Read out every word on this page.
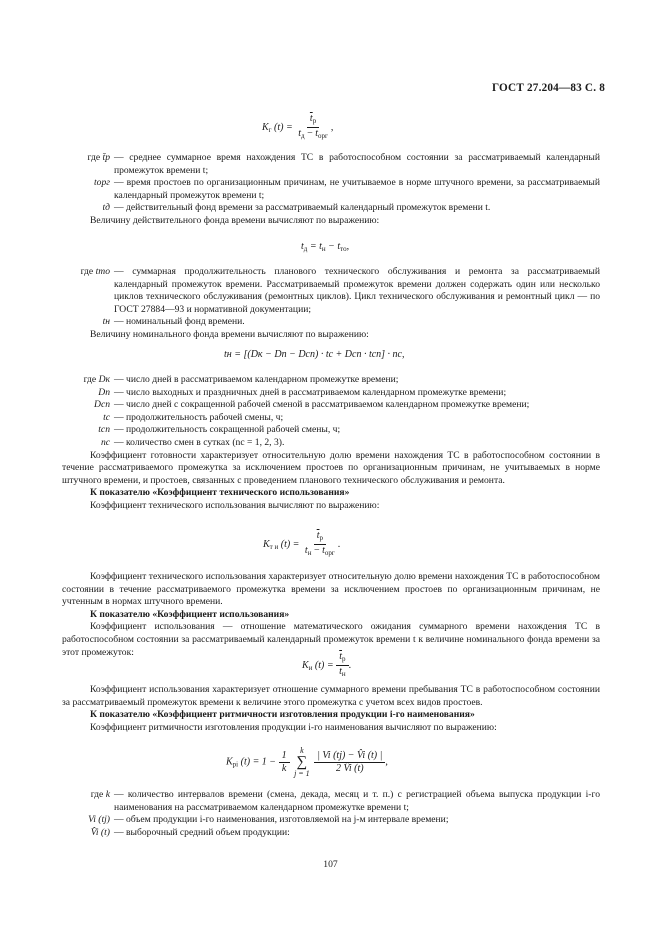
ГОСТ 27.204—83 С. 8
$K_г$ $(t) = \frac{\overline{t}_р}{t_д - t_{орг}}$ ,
где t̄р — среднее суммарное время нахождения ТС в работоспособном состоянии за рассматриваемый календарный промежуток времени t;
tорг — время простоев по организационным причинам, не учитываемое в норме штучного времени, за рассматриваемый календарный промежуток времени t;
tд — действительный фонд времени за рассматриваемый календарный промежуток времени t.

Величину действительного фонда времени вычисляют по выражению:

$t_д = t_н - t_{то}$,
где tто — суммарная продолжительность планового технического обслуживания и ремонта за рассматриваемый календарный промежуток времени. Рассматриваемый промежуток времени должен содержать один или несколько циклов технического обслуживания (ремонтных циклов). Цикл технического обслуживания и ремонтный цикл — по ГОСТ 27884—93 и нормативной документации;
tн — номинальный фонд времени.

Величину номинального фонда времени вычисляют по выражению:

tн = [(Dк − Dп − Dсп) · tс + Dсп · tсп] · nс,
где Dк — число дней в рассматриваемом календарном промежутке времени;
Dп — число выходных и праздничных дней в рассматриваемом календарном промежутке времени;
Dсп — число дней с сокращенной рабочей сменой в рассматриваемом календарном промежутке времени;
tс — продолжительность рабочей смены, ч;
tсп — продолжительность сокращенной рабочей смены, ч;
nс — количество смен в сутках (nс = 1, 2, 3).

Коэффициент готовности характеризует относительную долю времени нахождения ТС в работоспособном состоянии в течение рассматриваемого промежутка за исключением простоев по организационным причинам, не учитываемых в норме штучного времени, и простоев, связанных с проведением планового технического обслуживания и ремонта.

К показателю «Коэффициент технического использования»

Коэффициент технического использования вычисляют по выражению:

$K_{т и}$ $(t) = \frac{\overline{t}_р}{t_н - t_{орг}}$ .

Коэффициент технического использования характеризует относительную долю времени нахождения ТС в работоспособном состоянии в течение рассматриваемого промежутка времени за исключением простоев по организационным причинам, не учтенным в нормах штучного времени.

К показателю «Коэффициент использования»

Коэффициент использования — отношение математического ожидания суммарного времени нахождения ТС в работоспособном состоянии за рассматриваемый календарный промежуток времени t к величине номинального фонда времени за этот промежуток:

$K_и$ $(t) = \frac{\overline{t}_р}{t_н}$ .

Коэффициент использования характеризует отношение суммарного времени пребывания ТС в работоспособном состоянии за рассматриваемый промежуток времени к величине этого промежутка с учетом всех видов простоев.

К показателю «Коэффициент ритмичности изготовления продукции i-го наименования»

Коэффициент ритмичности изготовления продукции i-го наименования вычисляют по выражению:

$K_{рi}$ $(t) = 1 - \frac{1}{k}$
k
∑
j = 1
$\frac{| Vi (tj) - V̂i (t) |}{2 V̂i (t)}$ ,
где k — количество интервалов времени (смена, декада, месяц и т. п.) с регистрацией объема выпуска продукции i-го наименования на рассматриваемом календарном промежутке времени t;
Vi (tj) — объем продукции i-го наименования, изготовляемой на j-м интервале времени;
V̂i (t) — выборочный средний объем продукции:
107
